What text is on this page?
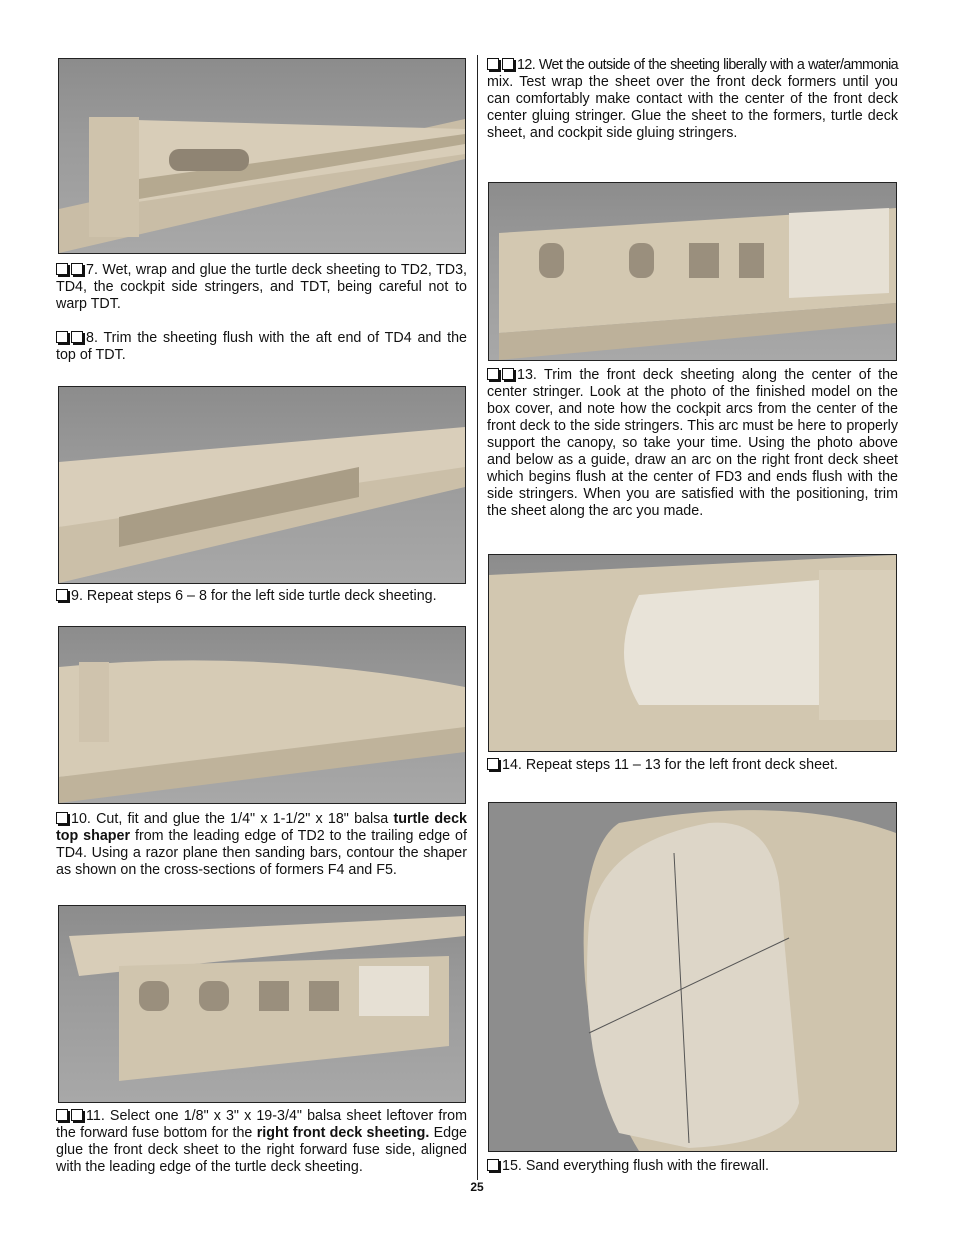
7. Wet, wrap and glue the turtle deck sheeting to TD2, TD3, TD4, the cockpit side stringers, and TDT, being careful not to warp TDT.
8. Trim the sheeting flush with the aft end of TD4 and the top of TDT.
9. Repeat steps 6 – 8 for the left side turtle deck sheeting.
10. Cut, fit and glue the 1/4" x 1-1/2" x 18" balsa turtle deck top shaper from the leading edge of TD2 to the trailing edge of TD4. Using a razor plane then sanding bars, contour the shaper as shown on the cross-sections of formers F4 and F5.
11. Select one 1/8" x 3" x 19-3/4" balsa sheet leftover from the forward fuse bottom for the right front deck sheeting. Edge glue the front deck sheet to the right forward fuse side, aligned with the leading edge of the turtle deck sheeting.
12. Wet the outside of the sheeting liberally with a water/ammonia mix. Test wrap the sheet over the front deck formers until you can comfortably make contact with the center of the front deck center gluing stringer. Glue the sheet to the formers, turtle deck sheet, and cockpit side gluing stringers.
13. Trim the front deck sheeting along the center of the center stringer. Look at the photo of the finished model on the box cover, and note how the cockpit arcs from the center of the front deck to the side stringers. This arc must be here to properly support the canopy, so take your time. Using the photo above and below as a guide, draw an arc on the right front deck sheet which begins flush at the center of FD3 and ends flush with the side stringers. When you are satisfied with the positioning, trim the sheet along the arc you made.
14. Repeat steps 11 – 13 for the left front deck sheet.
15. Sand everything flush with the firewall.
25
